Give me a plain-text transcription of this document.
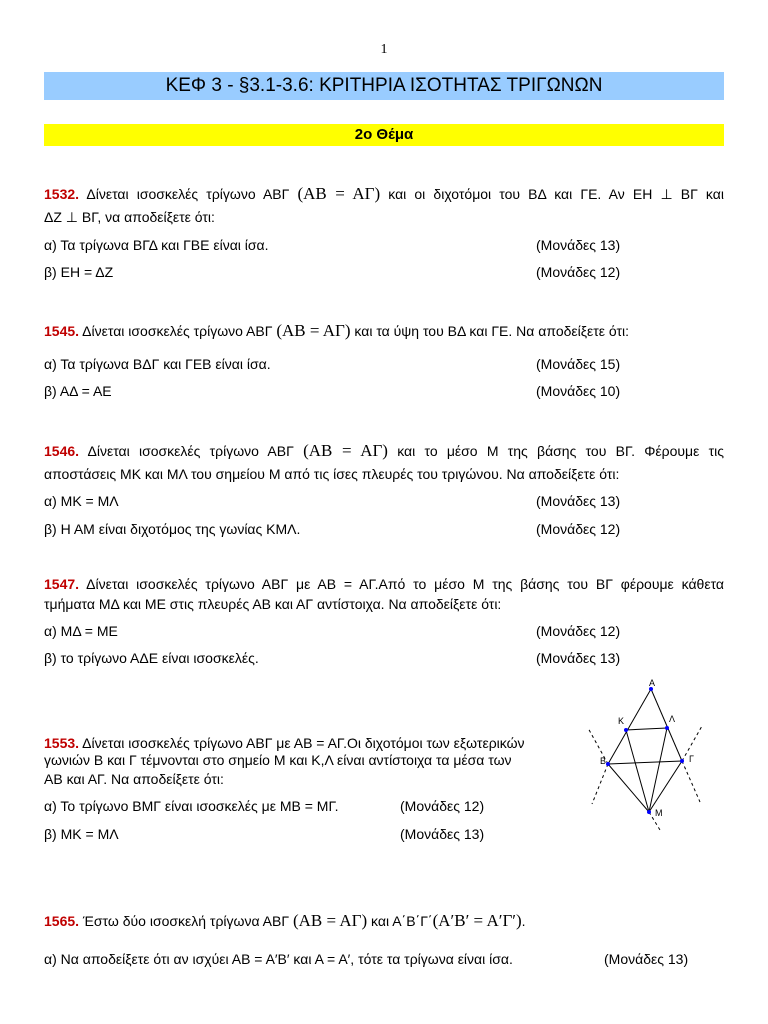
1
ΚΕΦ 3 - §3.1-3.6: ΚΡΙΤΗΡΙΑ ΙΣΟΤΗΤΑΣ ΤΡΙΓΩΝΩΝ
2ο Θέμα
1532. Δίνεται ισοσκελές τρίγωνο ΑΒΓ (ΑΒ = ΑΓ) και οι διχοτόμοι του ΒΔ και ΓΕ. Αν ΕΗ ⊥ ΒΓ και
ΔΖ ⊥ ΒΓ, να αποδείξετε ότι:
α) Τα τρίγωνα ΒΓΔ και ΓΒΕ είναι ίσα.	(Μονάδες 13)
β) ΕΗ = ΔΖ	(Μονάδες 12)
1545. Δίνεται ισοσκελές τρίγωνο ΑΒΓ (ΑΒ = ΑΓ) και τα ύψη του ΒΔ και ΓΕ. Να αποδείξετε ότι:
α) Τα τρίγωνα ΒΔΓ και ΓΕΒ είναι ίσα.	(Μονάδες 15)
β) ΑΔ = ΑΕ	(Μονάδες 10)
1546. Δίνεται ισοσκελές τρίγωνο ΑΒΓ (ΑΒ = ΑΓ) και το μέσο Μ της βάσης του ΒΓ. Φέρουμε τις
αποστάσεις ΜΚ και ΜΛ του σημείου Μ από τις ίσες πλευρές του τριγώνου. Να αποδείξετε ότι:
α) ΜΚ = ΜΛ	(Μονάδες 13)
β) Η ΑΜ είναι διχοτόμος της γωνίας ΚΜΛ.	(Μονάδες 12)
1547. Δίνεται ισοσκελές τρίγωνο ΑΒΓ με ΑΒ = ΑΓ.Από το μέσο Μ της βάσης του ΒΓ φέρουμε κάθετα
τμήματα ΜΔ και ΜΕ στις πλευρές ΑΒ και ΑΓ αντίστοιχα. Να αποδείξετε ότι:
α) ΜΔ = ΜΕ	(Μονάδες 12)
β) το τρίγωνο ΑΔΕ είναι ισοσκελές.	(Μονάδες 13)
1553. Δίνεται ισοσκελές τρίγωνο ΑΒΓ με ΑΒ = ΑΓ.Οι διχοτόμοι των εξωτερικών
γωνιών Β και Γ τέμνονται στο σημείο Μ και Κ,Λ είναι αντίστοιχα τα μέσα των
ΑΒ και ΑΓ. Να αποδείξετε ότι:
α) Το τρίγωνο ΒΜΓ είναι ισοσκελές με ΜΒ = ΜΓ.	(Μονάδες 12)
β) ΜΚ = ΜΛ	(Μονάδες 13)
Α
Κ	Λ
Β	Γ
Μ
1565. Έστω δύο ισοσκελή τρίγωνα ΑΒΓ (ΑΒ = ΑΓ) και Α΄Β΄Γ΄(Α′Β′ = Α′Γ′).
α) Να αποδείξετε ότι αν ισχύει ΑΒ = Α′Β′ και Α = Α′, τότε τα τρίγωνα είναι ίσα.	(Μονάδες 13)
